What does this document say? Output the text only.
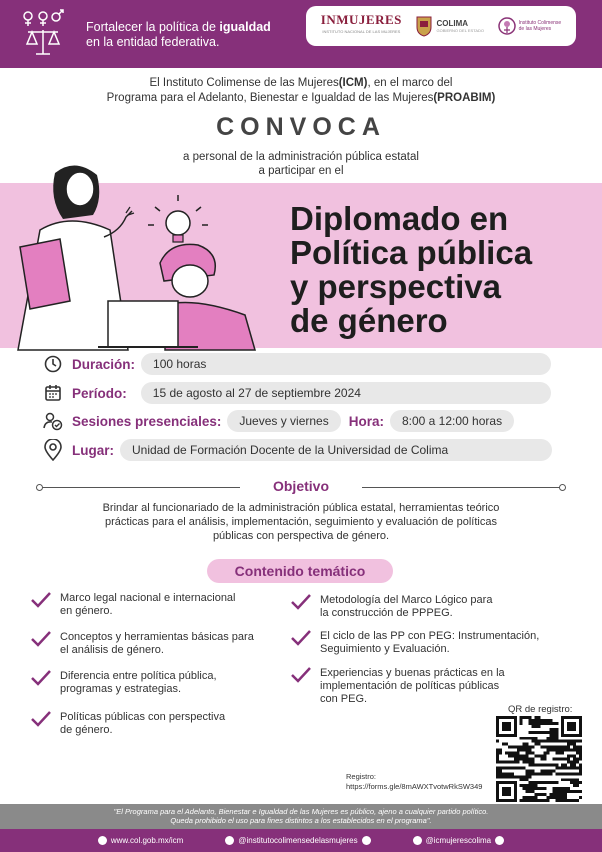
Fortalecer la política de igualdad
en la entidad federativa.
INMUJERES
INSTITUTO NACIONAL DE LAS MUJERES
COLIMA
GOBIERNO DEL ESTADO
Instituto Colimense
de las Mujeres
El Instituto Colimense de las Mujeres(ICM), en el marco del
Programa para el Adelanto, Bienestar e Igualdad de las Mujeres(PROABIM)
CONVOCA
a personal de la administración pública estatal
a participar en el
Diplomado en
Política pública
y perspectiva
de género
Duración:	100 horas
Período:	15 de agosto al 27 de septiembre 2024
Sesiones presenciales:	Jueves y viernes	Hora:	8:00 a 12:00 horas
Lugar:	Unidad de Formación Docente de la Universidad de Colima
Objetivo
Brindar al funcionariado de la administración pública estatal, herramientas teórico
prácticas para el análisis, implementación, seguimiento y evaluación de políticas
públicas con perspectiva de género.
Contenido temático
Marco legal nacional e internacional
en género.
Conceptos y herramientas básicas para
el análisis de género.
Diferencia entre política pública,
programas y estrategias.
Políticas públicas con perspectiva
de género.
Metodología del Marco Lógico para
la construcción de PPPEG.
El ciclo de las PP con PEG: Instrumentación,
Seguimiento y Evaluación.
Experiencias y buenas prácticas en la
implementación de políticas públicas
con PEG.
QR de registro:
Registro:
https://forms.gle/8mAWXTvotwRkSW349
"El Programa para el Adelanto, Bienestar e Igualdad de las Mujeres es público, ajeno a cualquier partido político.
Queda prohibido el uso para fines distintos a los establecidos en el programa".
www.col.gob.mx/icm	@institutocolimensedelasmujeres	@icmujerescolima
